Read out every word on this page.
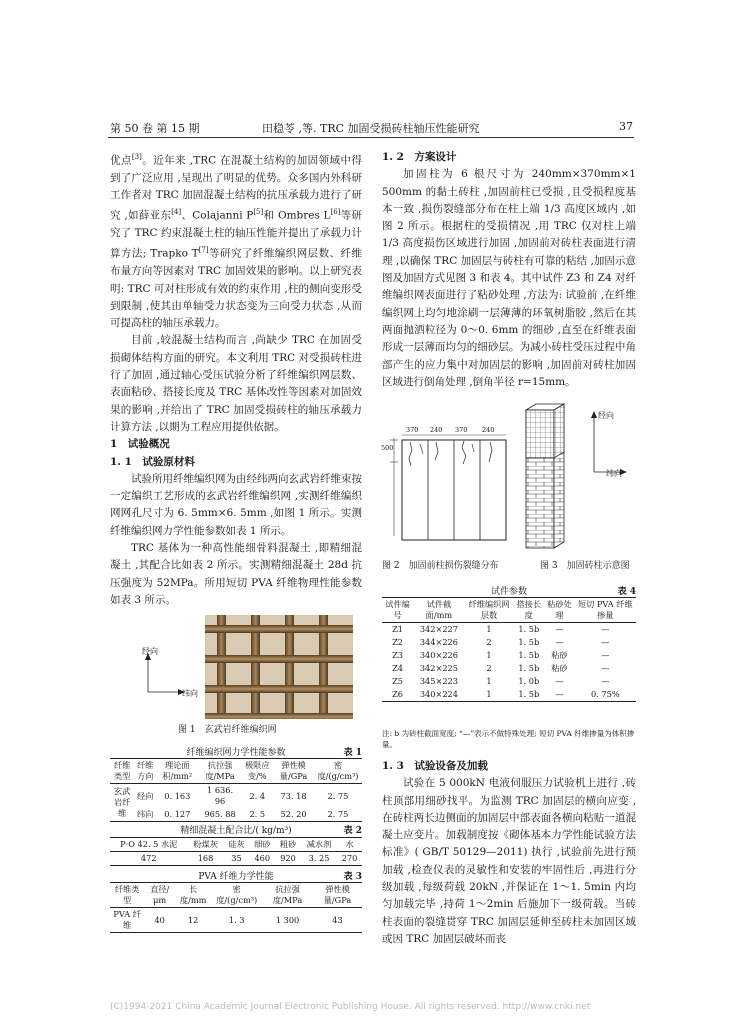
第 50 卷 第 15 期	田稳苓 ,等. TRC 加固受损砖柱轴压性能研究	37

优点[3]。近年来 ,TRC 在混凝土结构的加固领域中得到了广泛应用 ,呈现出了明显的优势。众多国内外科研工作者对 TRC 加固混凝土结构的抗压承载力进行了研究 ,如薛亚东[4]、Colajanni P[5]和 Ombres L[6]等研究了 TRC 约束混凝土柱的轴压性能并提出了承载力计算方法; Trapko T[7]等研究了纤维编织网层数、纤维布量方向等因素对 TRC 加固效果的影响。以上研究表明: TRC 可对柱形成有效的约束作用 ,柱的侧向变形受到限制 ,使其由单轴受力状态变为三向受力状态 ,从而可提高柱的轴压承载力。

目前 ,较混凝土结构而言 ,尚缺少 TRC 在加固受损砌体结构方面的研究。本文利用 TRC 对受损砖柱进行了加固 ,通过轴心受压试验分析了纤维编织网层数、表面粘砂、搭接长度及 TRC 基体改性等因素对加固效果的影响 ,并给出了 TRC 加固受损砖柱的轴压承载力计算方法 ,以期为工程应用提供依据。

1　试验概况

1. 1　试验原材料

试验所用纤维编织网为由经纬两向玄武岩纤维束按一定编织工艺形成的玄武岩纤维编织网 ,实测纤维编织网网孔尺寸为 6. 5mm×6. 5mm ,如图 1 所示。实测纤维编织网力学性能参数如表 1 所示。

TRC 基体为一种高性能细骨料混凝土 ,即精细混凝土 ,其配合比如表 2 所示。实测精细混凝土 28d 抗压强度为 52MPa。所用短切 PVA 纤维物理性能参数如表 3 所示。

经向
纬向
图 1　玄武岩纤维编织网
纤维编织网力学性能参数	表 1
纤维类型	纤维方向	理论面积/mm²	抗拉强度/MPa	极限应变/%	弹性模量/GPa	密度/(g/cm³)
玄武岩纤维	经向	0. 163	1 636. 96	2. 4	73. 18	2. 75
	纬向	0. 127	965. 88	2. 5	52. 20	2. 75
精细混凝土配合比/( kg/m³)	表 2
P·O 42. 5 水泥	粉煤灰	硅灰	细砂	粗砂	减水剂	水
472	168	35	460	920	3. 25	270
PVA 纤维力学性能	表 3
纤维类型	直径/μm	长度/mm	密度/(g/cm³)	抗拉强度/MPa	弹性模量/GPa
PVA 纤维	40	12	1. 3	1 300	43

1. 2　方案设计

加固柱为 6 根尺寸为 240mm×370mm×1 500mm 的黏土砖柱 ,加固前柱已受损 ,且受损程度基本一致 ,损伤裂缝部分布在柱上端 1/3 高度区域内 ,如图 2 所示。根据柱的受损情况 ,用 TRC 仅对柱上端1/3 高度损伤区域进行加固 ,加固前对砖柱表面进行清理 ,以确保 TRC 加固层与砖柱有可靠的粘结 ,加固示意图及加固方式见图 3 和表 4。其中试件 Z3 和 Z4 对纤维编织网表面进行了粘砂处理 ,方法为: 试验前 ,在纤维编织网上均匀地涂刷一层薄薄的环氧树脂胶 ,然后在其两面抛洒粒径为 0～0. 6mm 的细砂 ,直至在纤维表面形成一层薄而均匀的细砂层。为减小砖柱受压过程中角部产生的应力集中对加固层的影响 ,加固前对砖柱加固区域进行倒角处理 ,倒角半径 r=15mm。

370 240 370 240
500
图 2　加固前柱损伤裂缝分布
经向
纬向
图 3　加固砖柱示意图
试件参数	表 4
试件编号	试件截面/mm	纤维编织网层数	搭接长度	粘砂处理	短切 PVA 纤维掺量
Z1	342×227	1	1. 5b	—	—
Z2	344×226	2	1. 5b	—	—
Z3	340×226	1	1. 5b	粘砂	—
Z4	342×225	2	1. 5b	粘砂	—
Z5	345×223	1	1. 0b	—	—
Z6	340×224	1	1. 5b	—	0. 75%
注: b 为砖柱截面宽度; “—”表示不做特殊处理; 短切 PVA 纤维掺量为体积掺量。

1. 3　试验设备及加载

试验在 5 000kN 电液伺服压力试验机上进行 ,砖柱顶部用细砂找平。为监测 TRC 加固层的横向应变 ,在砖柱两长边侧面的加固层中部表面各横向粘贴一道混凝土应变片。加载制度按《砌体基本力学性能试验方法标准》( GB/T 50129—2011) 执行 ,试验前先进行预加载 ,检查仪表的灵敏性和安装的牢固性后 ,再进行分级加载 ,每级荷载 20kN ,并保证在 1～1. 5min 内均匀加载完毕 ,持荷 1～2min 后施加下一级荷载。当砖柱表面的裂缝贯穿 TRC 加固层延伸至砖柱未加固区域或因 TRC 加固层破坏而丧

(C)1994-2021 China Academic Journal Electronic Publishing House. All rights reserved. http://www.cnki.net
